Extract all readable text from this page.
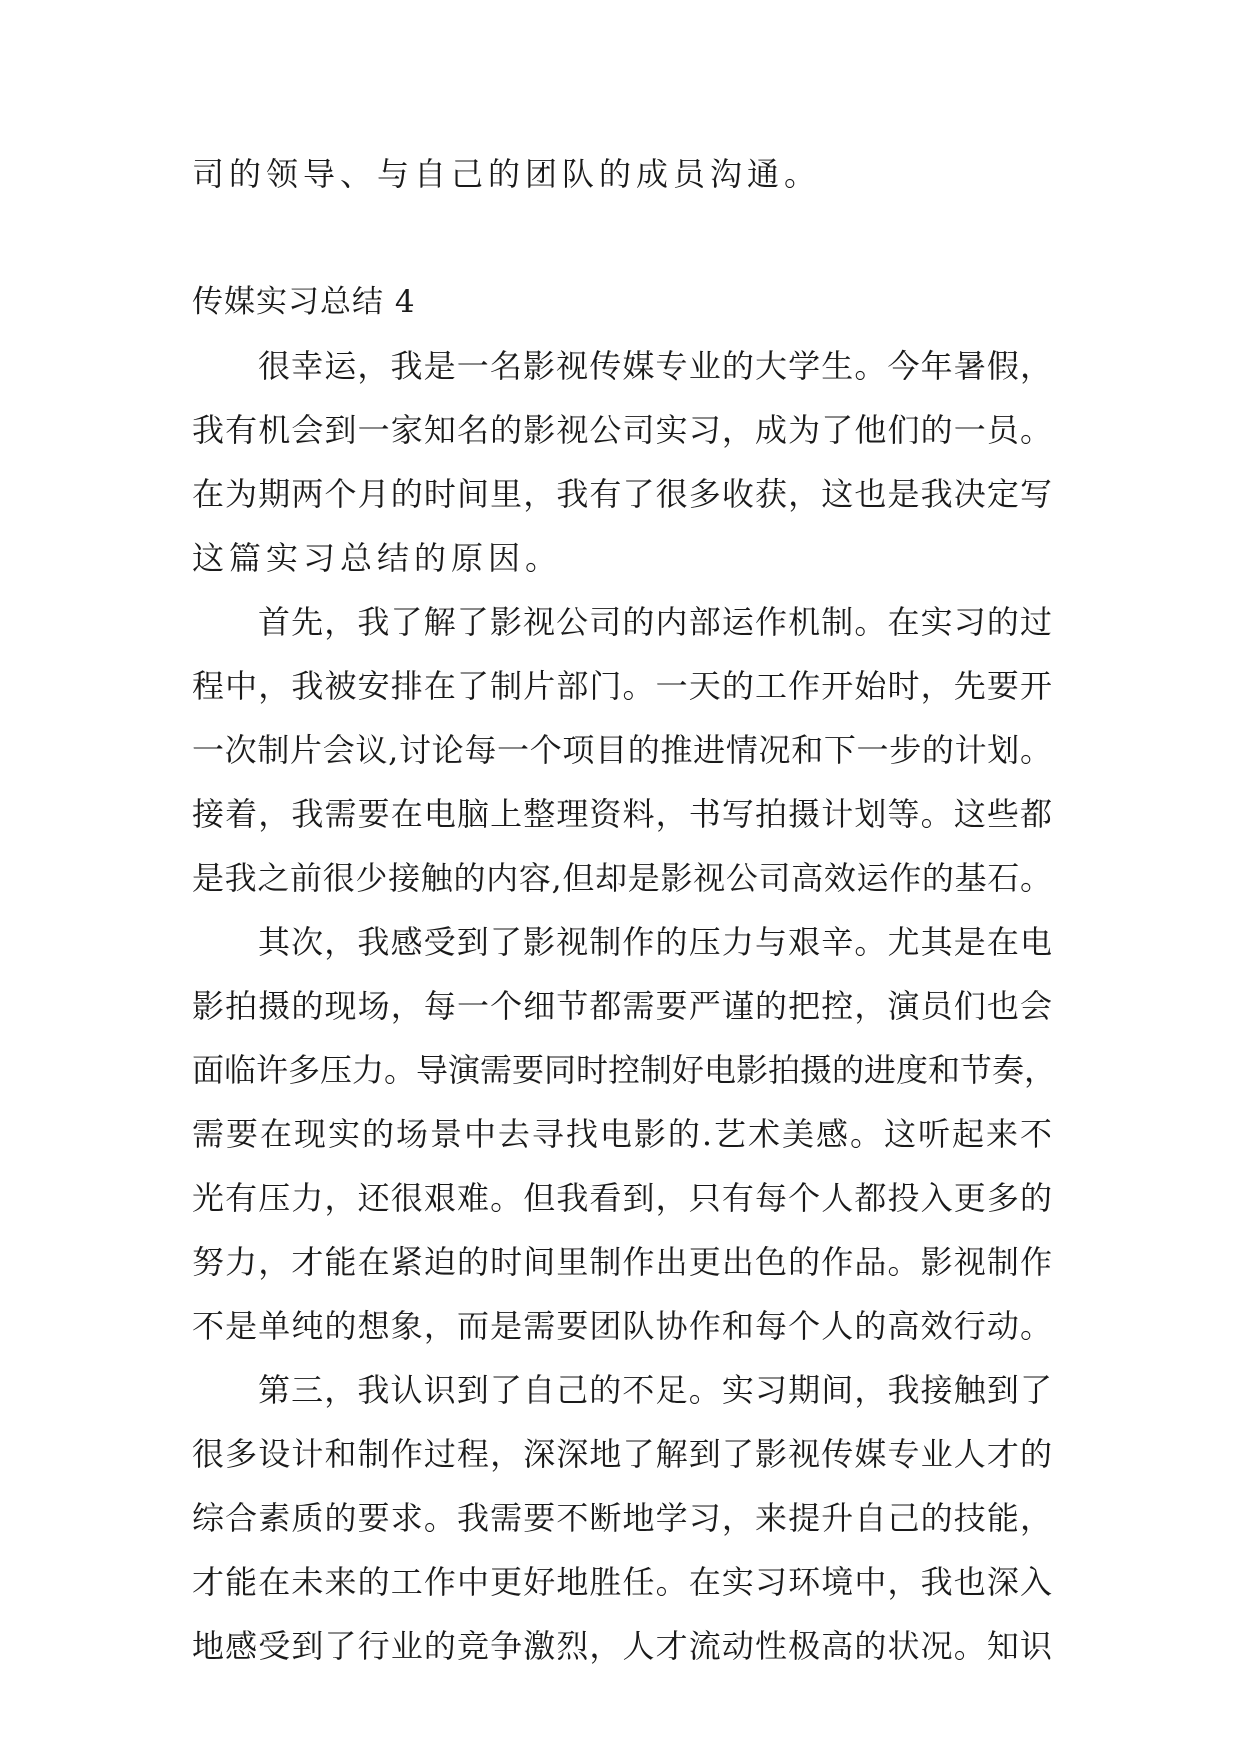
司的领导、与自己的团队的成员沟通。
传媒实习总结 4
很幸运，我是一名影视传媒专业的大学生。今年暑假，
我有机会到一家知名的影视公司实习，成为了他们的一员。
在为期两个月的时间里，我有了很多收获，这也是我决定写
这篇实习总结的原因。
首先，我了解了影视公司的内部运作机制。在实习的过
程中，我被安排在了制片部门。一天的工作开始时，先要开
一次制片会议,讨论每一个项目的推进情况和下一步的计划。
接着，我需要在电脑上整理资料，书写拍摄计划等。这些都
是我之前很少接触的内容,但却是影视公司高效运作的基石。
其次，我感受到了影视制作的压力与艰辛。尤其是在电
影拍摄的现场，每一个细节都需要严谨的把控，演员们也会
面临许多压力。导演需要同时控制好电影拍摄的进度和节奏，
需要在现实的场景中去寻找电影的.艺术美感。这听起来不
光有压力，还很艰难。但我看到，只有每个人都投入更多的
努力，才能在紧迫的时间里制作出更出色的作品。影视制作
不是单纯的想象，而是需要团队协作和每个人的高效行动。
第三，我认识到了自己的不足。实习期间，我接触到了
很多设计和制作过程，深深地了解到了影视传媒专业人才的
综合素质的要求。我需要不断地学习，来提升自己的技能，
才能在未来的工作中更好地胜任。在实习环境中，我也深入
地感受到了行业的竞争激烈，人才流动性极高的状况。知识
